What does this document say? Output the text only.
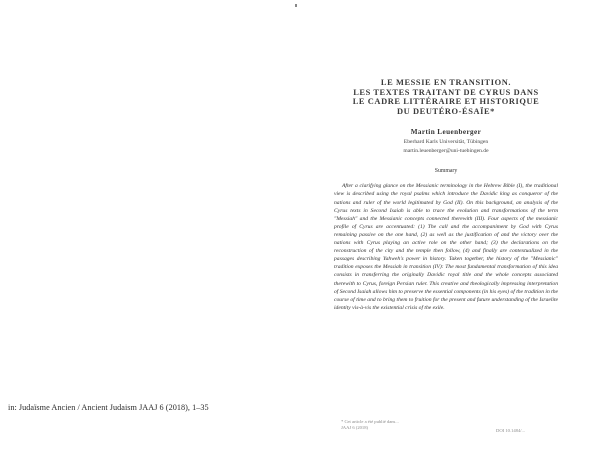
in: Judaïsme Ancien / Ancient Judaism JAAJ 6 (2018), 1–35
LE MESSIE EN TRANSITION.
LES TEXTES TRAITANT DE CYRUS DANS
LE CADRE LITTÉRAIRE ET HISTORIQUE
DU DEUTÉRO-ÉSAÏE*
Martin Leuenberger
Eberhard Karls Universität, Tübingen
martin.leuenberger@uni-tuebingen.de
Summary

After a clarifying glance on the Messianic terminology in the Hebrew Bible (I), the traditional view is described using the royal psalms which introduce the Davidic king as conqueror of the nations and ruler of the world legitimated by God (II). On this background, an analysis of the Cyrus texts in Second Isaiah is able to trace the evolution and transformations of the term "Messiah" and the Messianic concepts connected therewith (III). Four aspects of the messianic profile of Cyrus are accentuated: (1) The call and the accompaniment by God with Cyrus remaining passive on the one hand, (2) as well as the justification of and the victory over the nations with Cyrus playing an active role on the other hand; (3) the declarations on the reconstruction of the city and the temple then follow, (4) and finally are contextualized in the passages describing Yahweh's power in history. Taken together, the history of the "Messianic" tradition exposes the Messiah in transition (IV): The most fundamental transformation of this idea consists in transferring the originally Davidic royal title and the whole concepts associated therewith to Cyrus, foreign Persian ruler. This creative and theologically impressing interpretation of Second Isaiah allows him to preserve the essential components (in his eyes) of the tradition in the course of time and to bring them to fruition for the present and future understanding of the Israelite identity vis-à-vis the existential crisis of the exile.

* Cet article a été publié dans...
JAAJ 6 (2018)
DOI 10.1484/...
